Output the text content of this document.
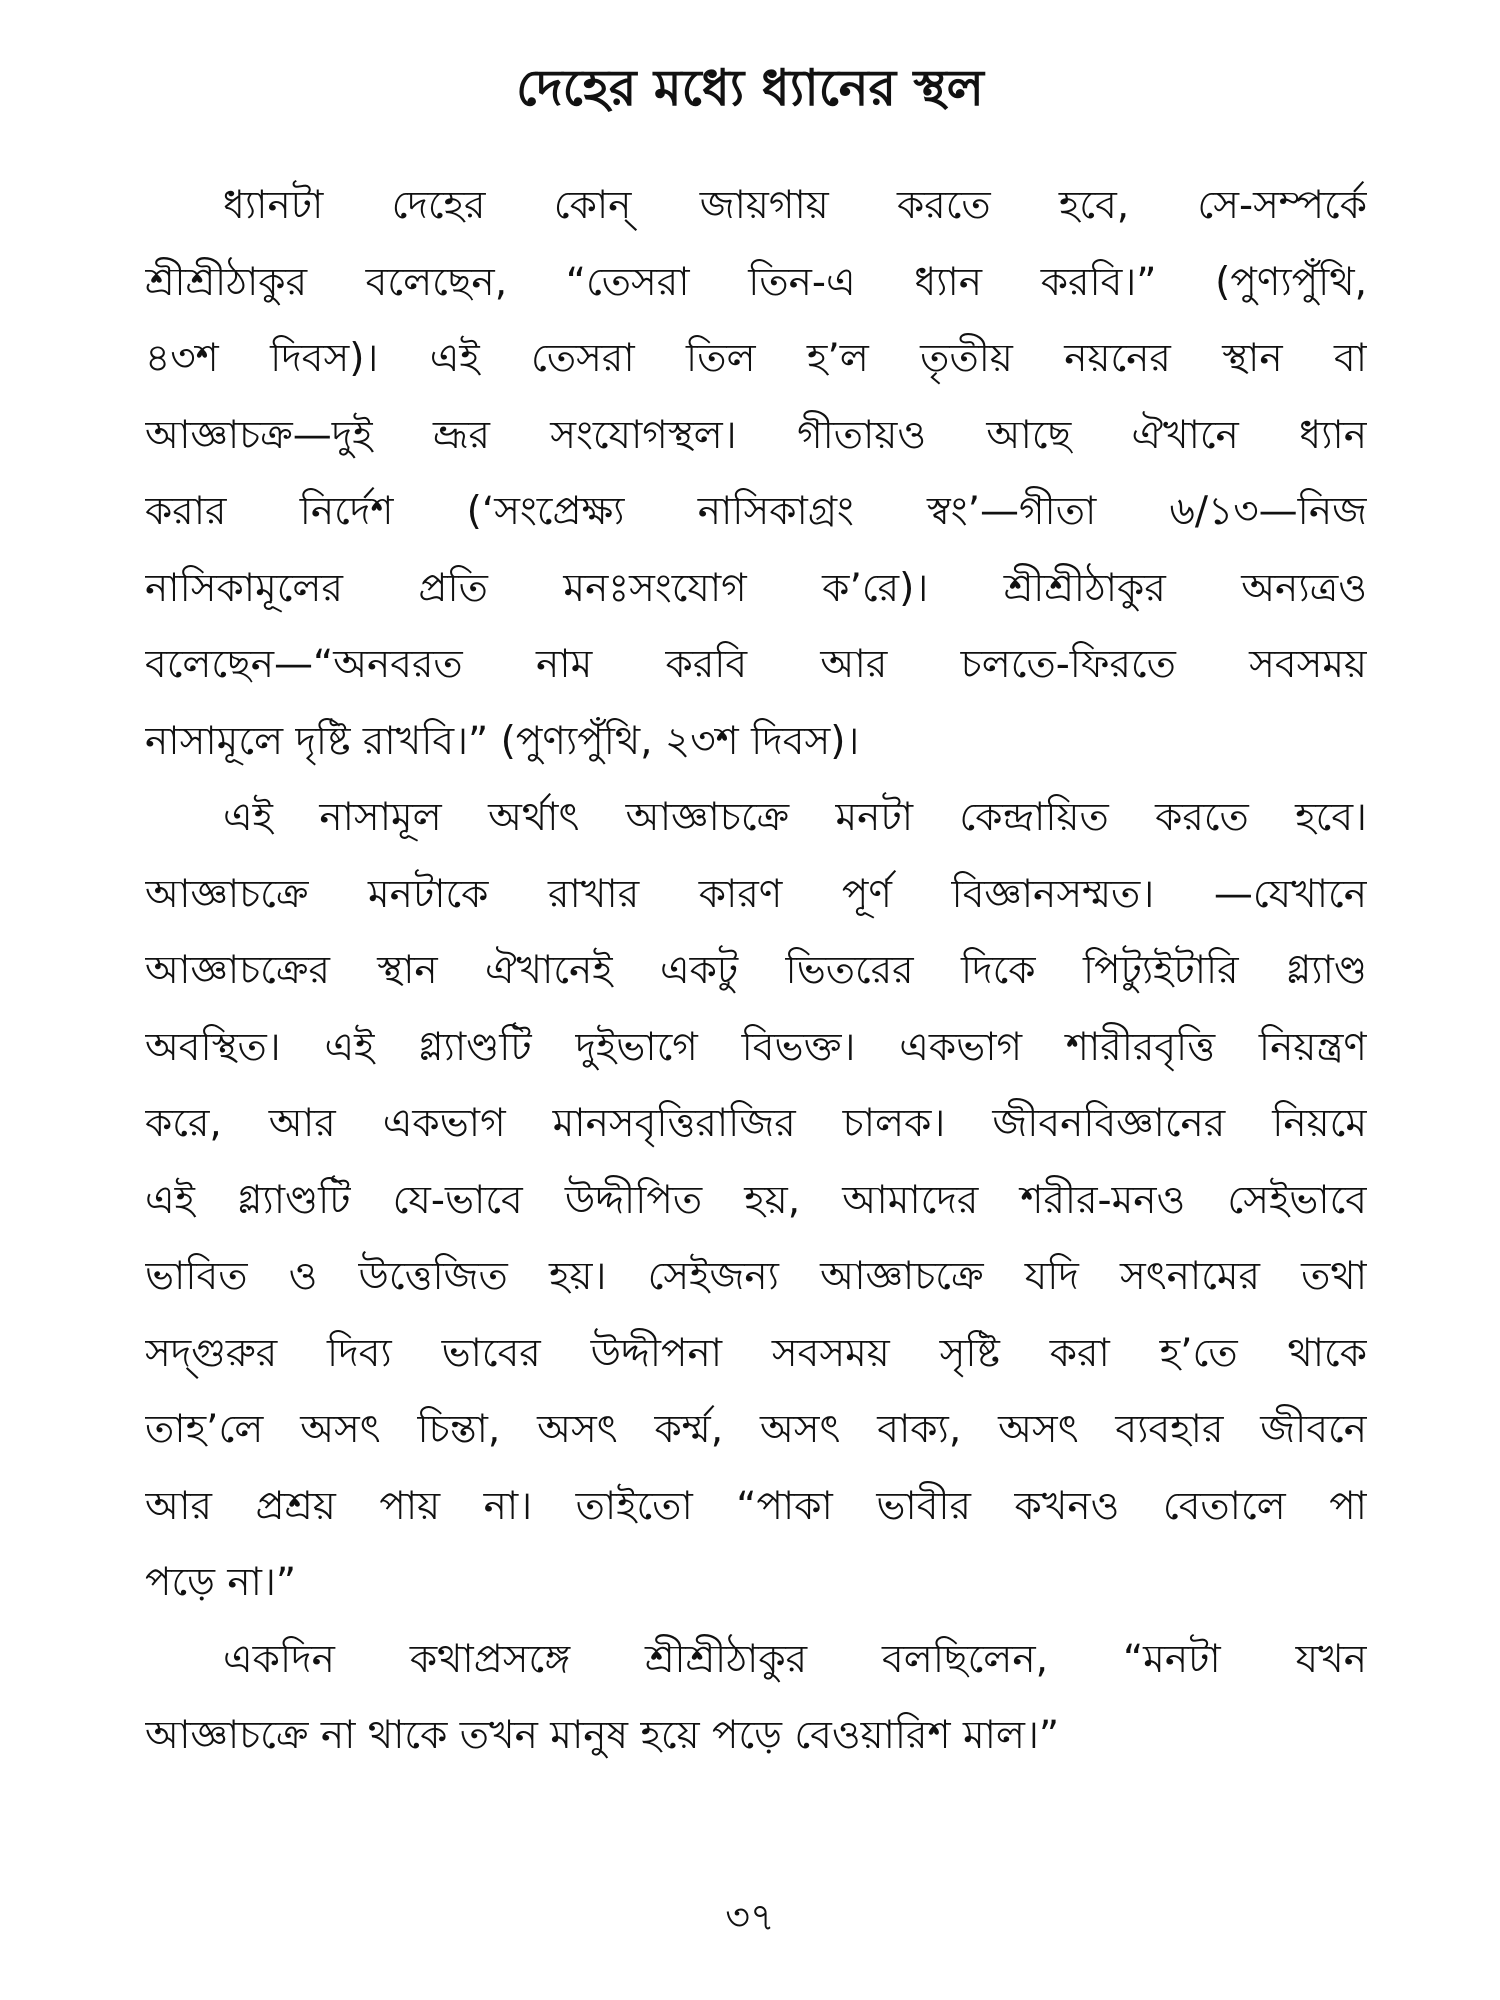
দেহের মধ্যে ধ্যানের স্থল

ধ্যানটা দেহের কোন্ জায়গায় করতে হবে, সে-সম্পর্কে
শ্রীশ্রীঠাকুর বলেছেন, “তেসরা তিন-এ ধ্যান করবি।” (পুণ্যপুঁথি,
৪৩শ দিবস)। এই তেসরা তিল হ’ল তৃতীয় নয়নের স্থান বা
আজ্ঞাচক্র—দুই ভ্রূর সংযোগস্থল। গীতায়ও আছে ঐখানে ধ্যান
করার নির্দেশ (‘সংপ্রেক্ষ্য নাসিকাগ্রং স্বং’—গীতা ৬/১৩—নিজ
নাসিকামূলের প্রতি মনঃসংযোগ ক’রে)। শ্রীশ্রীঠাকুর অন্যত্রও
বলেছেন—“অনবরত নাম করবি আর চলতে-ফিরতে সবসময়
নাসামূলে দৃষ্টি রাখবি।” (পুণ্যপুঁথি, ২৩শ দিবস)।

এই নাসামূল অর্থাৎ আজ্ঞাচক্রে মনটা কেন্দ্রায়িত করতে হবে।
আজ্ঞাচক্রে মনটাকে রাখার কারণ পূর্ণ বিজ্ঞানসম্মত। —যেখানে
আজ্ঞাচক্রের স্থান ঐখানেই একটু ভিতরের দিকে পিট্যুইটারি গ্ল্যাণ্ড
অবস্থিত। এই গ্ল্যাণ্ডটি দুইভাগে বিভক্ত। একভাগ শারীরবৃত্তি নিয়ন্ত্রণ
করে, আর একভাগ মানসবৃত্তিরাজির চালক। জীবনবিজ্ঞানের নিয়মে
এই গ্ল্যাণ্ডটি যে-ভাবে উদ্দীপিত হয়, আমাদের শরীর-মনও সেইভাবে
ভাবিত ও উত্তেজিত হয়। সেইজন্য আজ্ঞাচক্রে যদি সৎনামের তথা
সদ্গুরুর দিব্য ভাবের উদ্দীপনা সবসময় সৃষ্টি করা হ’তে থাকে
তাহ’লে অসৎ চিন্তা, অসৎ কর্ম্ম, অসৎ বাক্য, অসৎ ব্যবহার জীবনে
আর প্রশ্রয় পায় না। তাইতো “পাকা ভাবীর কখনও বেতালে পা
পড়ে না।”

একদিন কথাপ্রসঙ্গে শ্রীশ্রীঠাকুর বলছিলেন, “মনটা যখন
আজ্ঞাচক্রে না থাকে তখন মানুষ হয়ে পড়ে বেওয়ারিশ মাল।”

৩৭
